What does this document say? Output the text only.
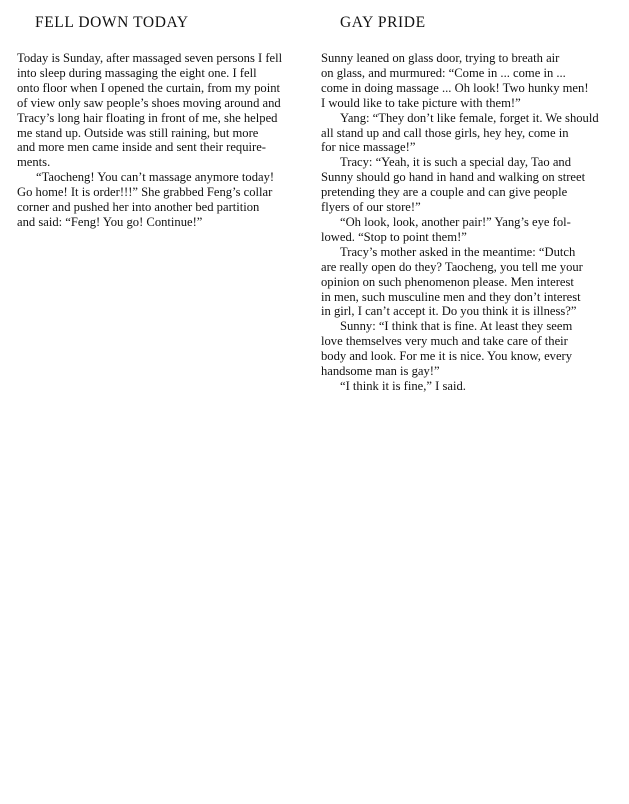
FELL DOWN TODAY

Today is Sunday, after massaged seven persons I fell
into sleep during massaging the eight one. I fell
onto floor when I opened the curtain, from my point
of view only saw people’s shoes moving around and
Tracy’s long hair floating in front of me, she helped
me stand up. Outside was still raining, but more
and more men came inside and sent their require-
ments.

“Taocheng! You can’t massage anymore today!
Go home! It is order!!!” She grabbed Feng’s collar
corner and pushed her into another bed partition
and said: “Feng! You go! Continue!”

GAY PRIDE

Sunny leaned on glass door, trying to breath air
on glass, and murmured: “Come in ... come in ...
come in doing massage ... Oh look! Two hunky men!
I would like to take picture with them!”

Yang: “They don’t like female, forget it. We should
all stand up and call those girls, hey hey, come in
for nice massage!”

Tracy: “Yeah, it is such a special day, Tao and
Sunny should go hand in hand and walking on street
pretending they are a couple and can give people
flyers of our store!”

“Oh look, look, another pair!” Yang’s eye fol-
lowed. “Stop to point them!”

Tracy’s mother asked in the meantime: “Dutch
are really open do they? Taocheng, you tell me your
opinion on such phenomenon please. Men interest
in men, such musculine men and they don’t interest
in girl, I can’t accept it. Do you think it is illness?”

Sunny: “I think that is fine. At least they seem
love themselves very much and take care of their
body and look. For me it is nice. You know, every
handsome man is gay!”

“I think it is fine,” I said.
